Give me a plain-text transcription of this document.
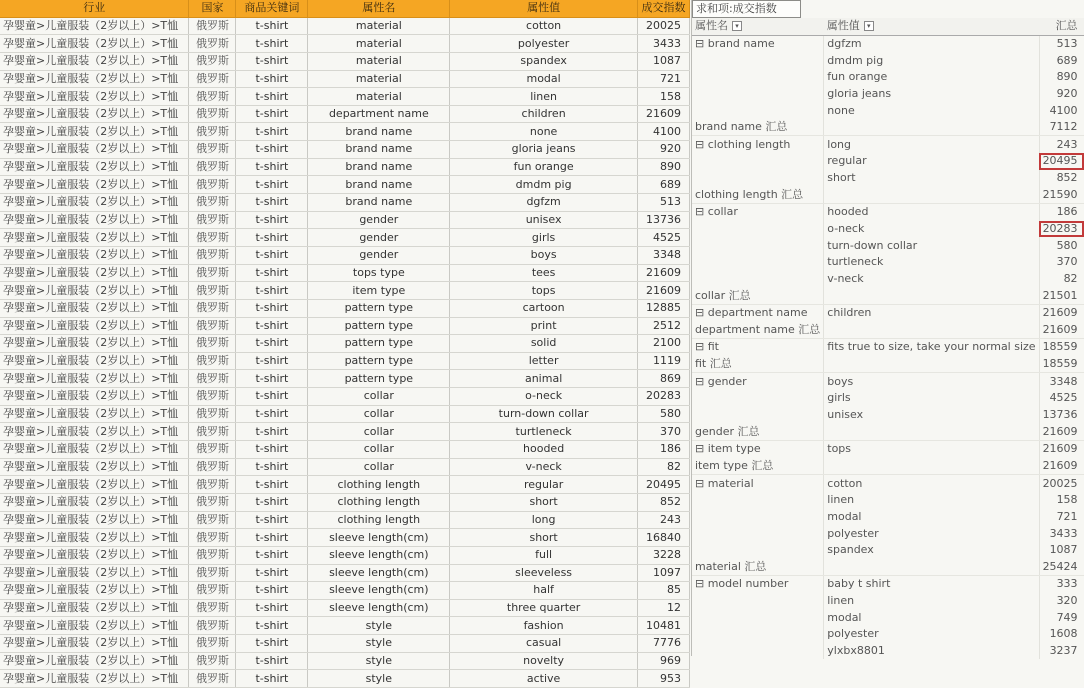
行业	国家	商品关键词	属性名	属性值	成交指数
孕婴童>儿童服装（2岁以上）>T恤	俄罗斯	t-shirt	material	cotton	20025
孕婴童>儿童服装（2岁以上）>T恤	俄罗斯	t-shirt	material	polyester	3433
孕婴童>儿童服装（2岁以上）>T恤	俄罗斯	t-shirt	material	spandex	1087
孕婴童>儿童服装（2岁以上）>T恤	俄罗斯	t-shirt	material	modal	721
孕婴童>儿童服装（2岁以上）>T恤	俄罗斯	t-shirt	material	linen	158
孕婴童>儿童服装（2岁以上）>T恤	俄罗斯	t-shirt	department name	children	21609
孕婴童>儿童服装（2岁以上）>T恤	俄罗斯	t-shirt	brand name	none	4100
孕婴童>儿童服装（2岁以上）>T恤	俄罗斯	t-shirt	brand name	gloria jeans	920
孕婴童>儿童服装（2岁以上）>T恤	俄罗斯	t-shirt	brand name	fun orange	890
孕婴童>儿童服装（2岁以上）>T恤	俄罗斯	t-shirt	brand name	dmdm pig	689
孕婴童>儿童服装（2岁以上）>T恤	俄罗斯	t-shirt	brand name	dgfzm	513
孕婴童>儿童服装（2岁以上）>T恤	俄罗斯	t-shirt	gender	unisex	13736
孕婴童>儿童服装（2岁以上）>T恤	俄罗斯	t-shirt	gender	girls	4525
孕婴童>儿童服装（2岁以上）>T恤	俄罗斯	t-shirt	gender	boys	3348
孕婴童>儿童服装（2岁以上）>T恤	俄罗斯	t-shirt	tops type	tees	21609
孕婴童>儿童服装（2岁以上）>T恤	俄罗斯	t-shirt	item type	tops	21609
孕婴童>儿童服装（2岁以上）>T恤	俄罗斯	t-shirt	pattern type	cartoon	12885
孕婴童>儿童服装（2岁以上）>T恤	俄罗斯	t-shirt	pattern type	print	2512
孕婴童>儿童服装（2岁以上）>T恤	俄罗斯	t-shirt	pattern type	solid	2100
孕婴童>儿童服装（2岁以上）>T恤	俄罗斯	t-shirt	pattern type	letter	1119
孕婴童>儿童服装（2岁以上）>T恤	俄罗斯	t-shirt	pattern type	animal	869
孕婴童>儿童服装（2岁以上）>T恤	俄罗斯	t-shirt	collar	o-neck	20283
孕婴童>儿童服装（2岁以上）>T恤	俄罗斯	t-shirt	collar	turn-down collar	580
孕婴童>儿童服装（2岁以上）>T恤	俄罗斯	t-shirt	collar	turtleneck	370
孕婴童>儿童服装（2岁以上）>T恤	俄罗斯	t-shirt	collar	hooded	186
孕婴童>儿童服装（2岁以上）>T恤	俄罗斯	t-shirt	collar	v-neck	82
孕婴童>儿童服装（2岁以上）>T恤	俄罗斯	t-shirt	clothing length	regular	20495
孕婴童>儿童服装（2岁以上）>T恤	俄罗斯	t-shirt	clothing length	short	852
孕婴童>儿童服装（2岁以上）>T恤	俄罗斯	t-shirt	clothing length	long	243
孕婴童>儿童服装（2岁以上）>T恤	俄罗斯	t-shirt	sleeve length(cm)	short	16840
孕婴童>儿童服装（2岁以上）>T恤	俄罗斯	t-shirt	sleeve length(cm)	full	3228
孕婴童>儿童服装（2岁以上）>T恤	俄罗斯	t-shirt	sleeve length(cm)	sleeveless	1097
孕婴童>儿童服装（2岁以上）>T恤	俄罗斯	t-shirt	sleeve length(cm)	half	85
孕婴童>儿童服装（2岁以上）>T恤	俄罗斯	t-shirt	sleeve length(cm)	three quarter	12
孕婴童>儿童服装（2岁以上）>T恤	俄罗斯	t-shirt	style	fashion	10481
孕婴童>儿童服装（2岁以上）>T恤	俄罗斯	t-shirt	style	casual	7776
孕婴童>儿童服装（2岁以上）>T恤	俄罗斯	t-shirt	style	novelty	969
孕婴童>儿童服装（2岁以上）>T恤	俄罗斯	t-shirt	style	active	953
求和项:成交指数
属性名 ▾	属性值 ▾	汇总
⊟ brand name	dgfzm	513
	dmdm pig	689
	fun orange	890
	gloria jeans	920
	none	4100
brand name 汇总		7112
⊟ clothing length	long	243
	regular	20495
	short	852
clothing length 汇总		21590
⊟ collar	hooded	186
	o-neck	20283
	turn-down collar	580
	turtleneck	370
	v-neck	82
collar 汇总		21501
⊟ department name	children	21609
department name 汇总		21609
⊟ fit	fits true to size, take your normal size	18559
fit 汇总		18559
⊟ gender	boys	3348
	girls	4525
	unisex	13736
gender 汇总		21609
⊟ item type	tops	21609
item type 汇总		21609
⊟ material	cotton	20025
	linen	158
	modal	721
	polyester	3433
	spandex	1087
material 汇总		25424
⊟ model number	baby t shirt	333
	linen	320
	modal	749
	polyester	1608
	ylxbx8801	3237
